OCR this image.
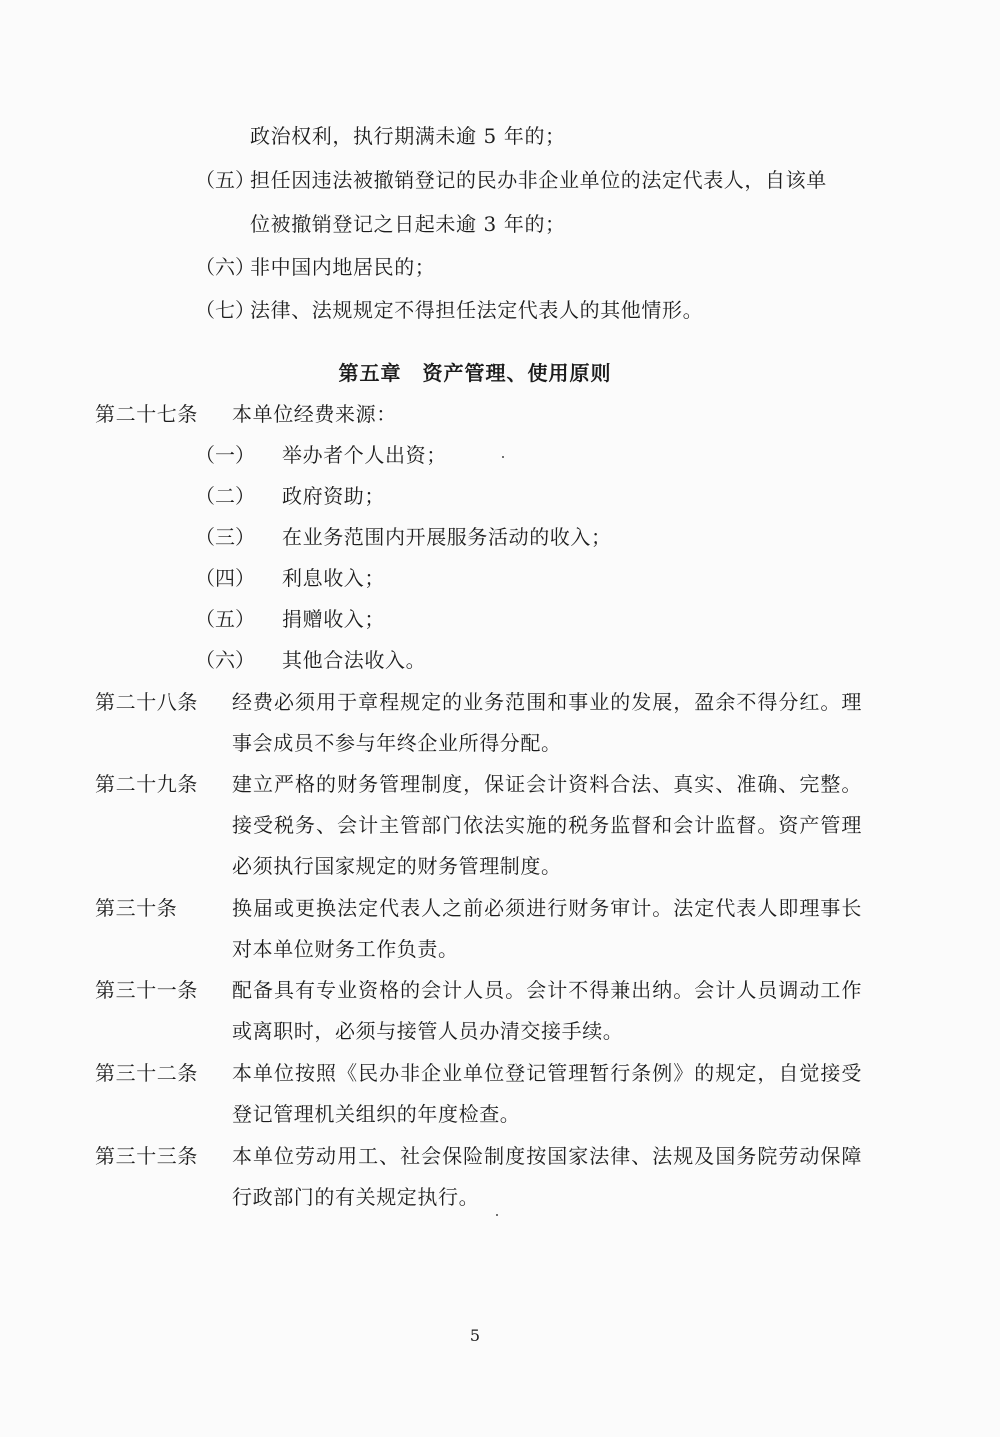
政治权利，执行期满未逾 5 年的；
（五）
担任因违法被撤销登记的民办非企业单位的法定代表人，自该单
位被撤销登记之日起未逾 3 年的；
（六）
非中国内地居民的；
（七）
法律、法规规定不得担任法定代表人的其他情形。
第五章　资产管理、使用原则
第二十七条 本单位经费来源：
（一） 举办者个人出资；
（二） 政府资助；
（三） 在业务范围内开展服务活动的收入；
（四） 利息收入；
（五） 捐赠收入；
（六） 其他合法收入。
第二十八条 经费必须用于章程规定的业务范围和事业的发展，盈余不得分红。理事会成员不参与年终企业所得分配。
第二十九条 建立严格的财务管理制度，保证会计资料合法、真实、准确、完整。接受税务、会计主管部门依法实施的税务监督和会计监督。资产管理必须执行国家规定的财务管理制度。
第三十条	换届或更换法定代表人之前必须进行财务审计。法定代表人即理事长对本单位财务工作负责。
第三十一条 配备具有专业资格的会计人员。会计不得兼出纳。会计人员调动工作或离职时，必须与接管人员办清交接手续。
第三十二条 本单位按照《民办非企业单位登记管理暂行条例》的规定，自觉接受登记管理机关组织的年度检查。
第三十三条 本单位劳动用工、社会保险制度按国家法律、法规及国务院劳动保障行政部门的有关规定执行。
5
